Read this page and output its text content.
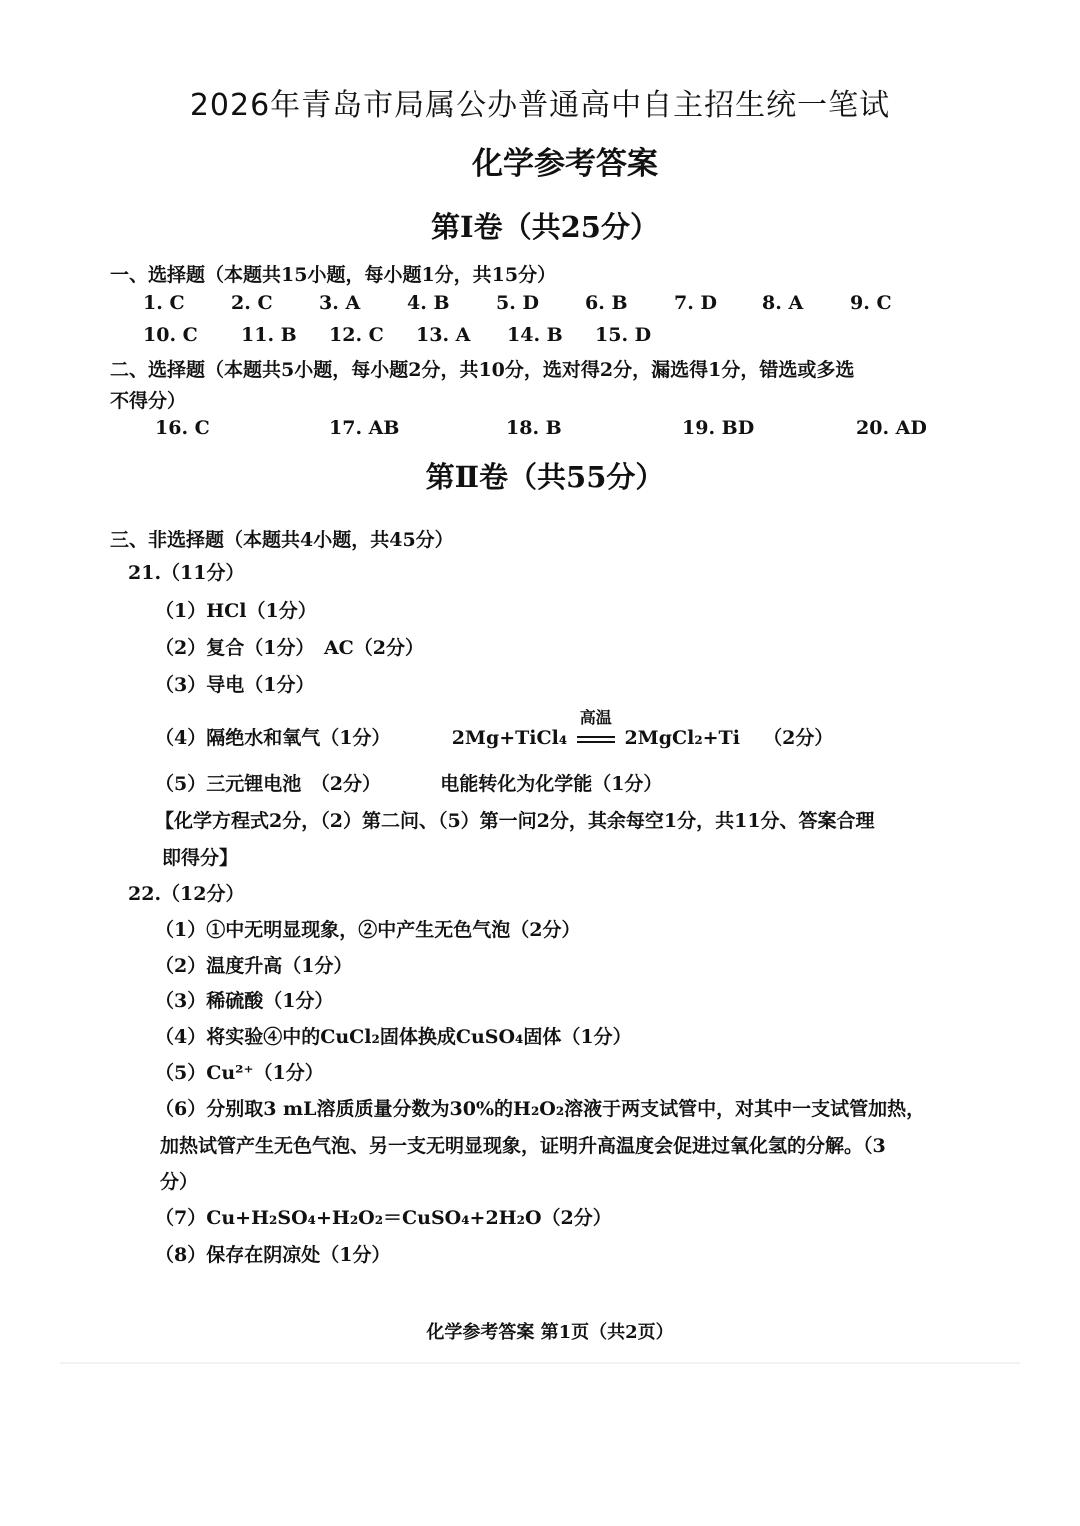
2026年青岛市局属公办普通高中自主招生统一笔试
化学参考答案
第Ⅰ卷（共25分）
一、选择题（本题共15小题，每小题1分，共15分）
1. C 2. C 3. A 4. B 5. D 6. B 7. D 8. A 9. C
10. C 11. B 12. C 13. A 14. B 15. D
二、选择题（本题共5小题，每小题2分，共10分，选对得2分，漏选得1分，错选或多选
不得分）
16. C	17. AB	18. B	19. BD	20. AD
第Ⅱ卷（共55分）
三、非选择题（本题共4小题，共45分）
21.（11分）
（1）HCl（1分）
（2）复合（1分）　AC（2分）
（3）导电（1分）
（4）隔绝水和氧气（1分）	2Mg+TiCl₄
高温
2MgCl₂+Ti （2分）
（5）三元锂电池　（2分）	电能转化为化学能（1分）
【化学方程式2分，（2）第二问、（5）第一问2分，其余每空1分，共11分、答案合理
即得分】
22.（12分）
（1）①中无明显现象，②中产生无色气泡（2分）
（2）温度升高（1分）
（3）稀硫酸（1分）
（4）将实验④中的CuCl₂固体换成CuSO₄固体（1分）
（5）Cu²⁺（1分）
（6）分别取3 mL溶质质量分数为30%的H₂O₂溶液于两支试管中，对其中一支试管加热，
加热试管产生无色气泡、另一支无明显现象，证明升高温度会促进过氧化氢的分解。（3
分）
（7）Cu+H₂SO₄+H₂O₂＝CuSO₄+2H₂O（2分）
（8）保存在阴凉处（1分）
化学参考答案 第1页（共2页）
